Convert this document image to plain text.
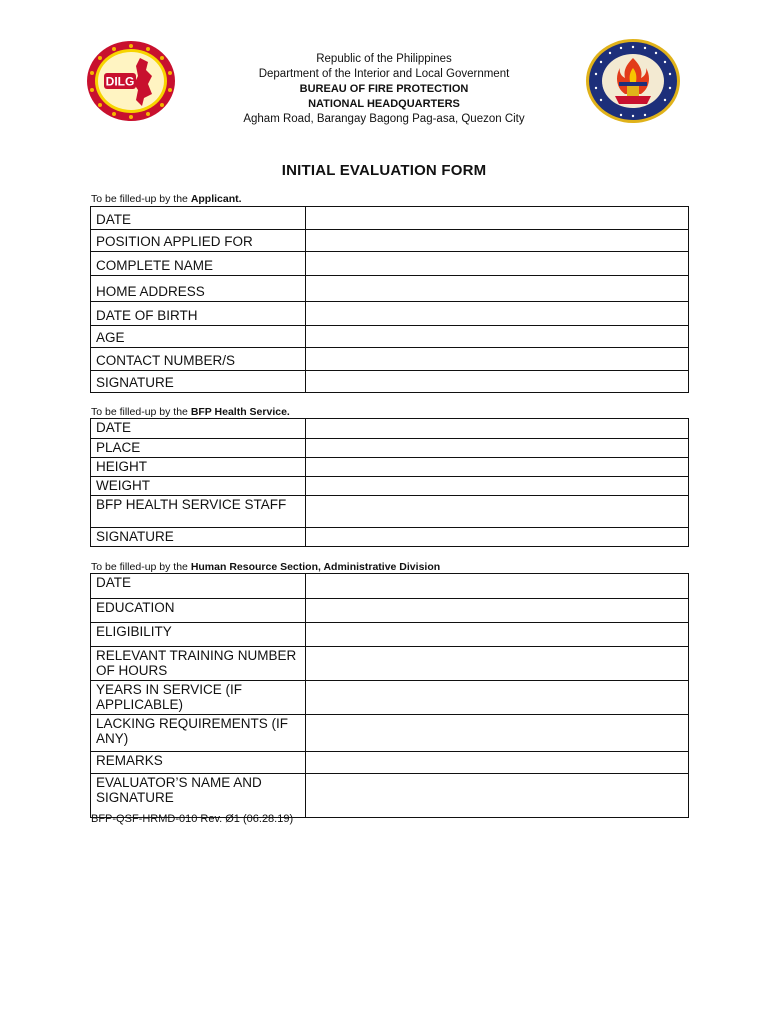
DILG
Republic of the Philippines
Department of the Interior and Local Government
BUREAU OF FIRE PROTECTION
NATIONAL HEADQUARTERS
Agham Road, Barangay Bagong Pag-asa, Quezon City
INITIAL EVALUATION FORM
To be filled-up by the Applicant.
DATE	
POSITION APPLIED FOR	
COMPLETE NAME	
HOME ADDRESS	
DATE OF BIRTH	
AGE	
CONTACT NUMBER/S	
SIGNATURE	
To be filled-up by the BFP Health Service.
DATE	
PLACE	
HEIGHT	
WEIGHT	
BFP HEALTH SERVICE STAFF	
SIGNATURE	
To be filled-up by the Human Resource Section, Administrative Division
DATE	
EDUCATION	
ELIGIBILITY	
RELEVANT TRAINING NUMBER OF HOURS	
YEARS IN SERVICE (IF APPLICABLE)	
LACKING REQUIREMENTS (IF ANY)	
REMARKS	
EVALUATOR’S NAME AND SIGNATURE	
BFP-QSF-HRMD-010 Rev. Ø1 (06.28.19)
